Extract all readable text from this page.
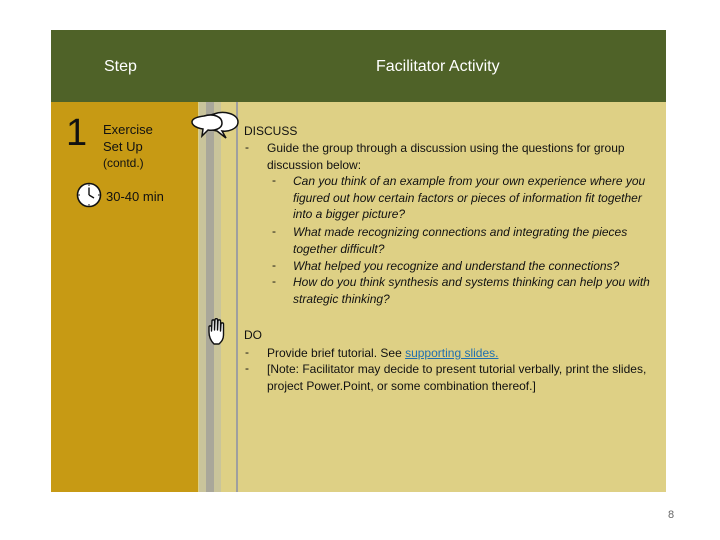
Step	Facilitator Activity
1 Exercise
Set Up
(contd.)
30-40 min
DISCUSS
- Guide the group through a discussion using the questions for group discussion below:
- Can you think of an example from your own experience where you figured out how certain factors or pieces of information fit together into a bigger picture?
- What made recognizing connections and integrating the pieces together difficult?
- What helped you recognize and understand the connections?
- How do you think synthesis and systems thinking can help you with strategic thinking?
DO
- Provide brief tutorial. See supporting slides.
- [Note: Facilitator may decide to present tutorial verbally, print the slides, project Power.Point, or some combination thereof.]
8
